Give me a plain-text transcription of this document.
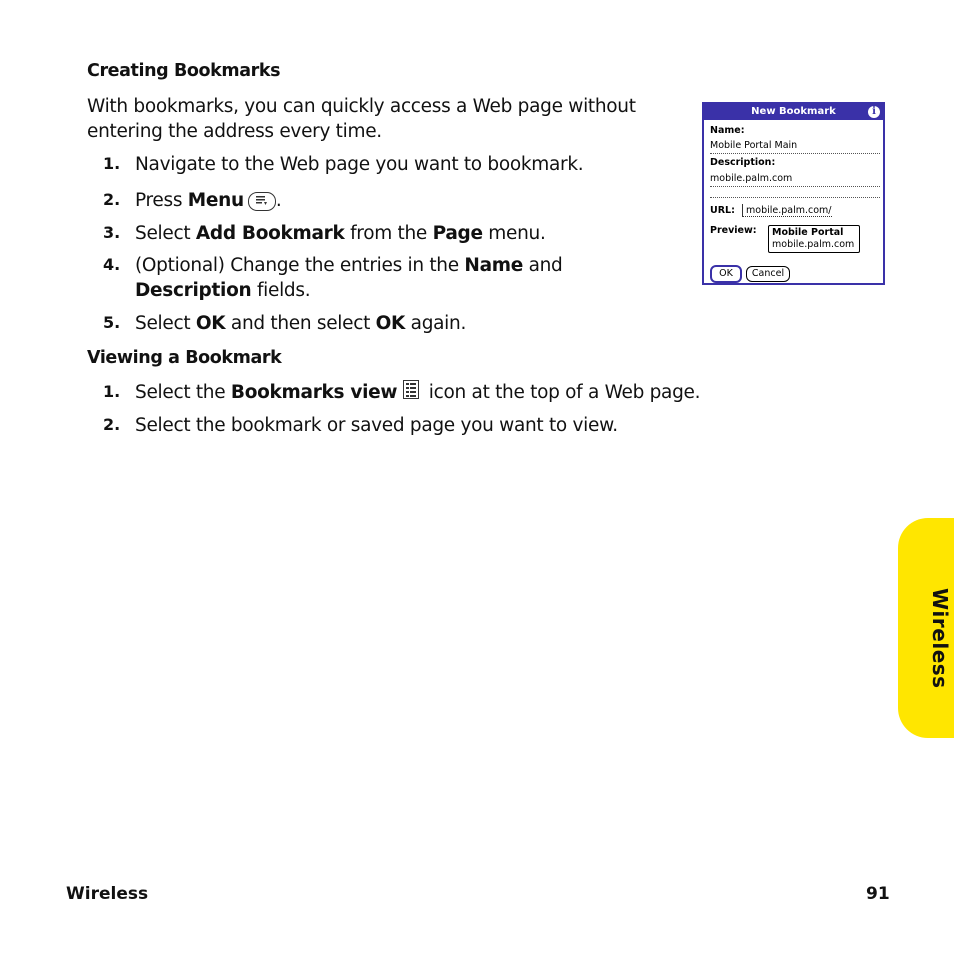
Creating Bookmarks
With bookmarks, you can quickly access a Web page without entering the address every time.
1. Navigate to the Web page you want to bookmark.
2. Press Menu .
3. Select Add Bookmark from the Page menu.
4. (Optional) Change the entries in the Name and Description fields.
5. Select OK and then select OK again.
Viewing a Bookmark
1. Select the Bookmarks view icon at the top of a Web page.
2. Select the bookmark or saved page you want to view.
New Bookmark	i
Name:
Mobile Portal Main
Description:
mobile.palm.com
URL:	mobile.palm.com/
Preview: Mobile Portal
mobile.palm.com
OK	Cancel
Wireless
Wireless	91
